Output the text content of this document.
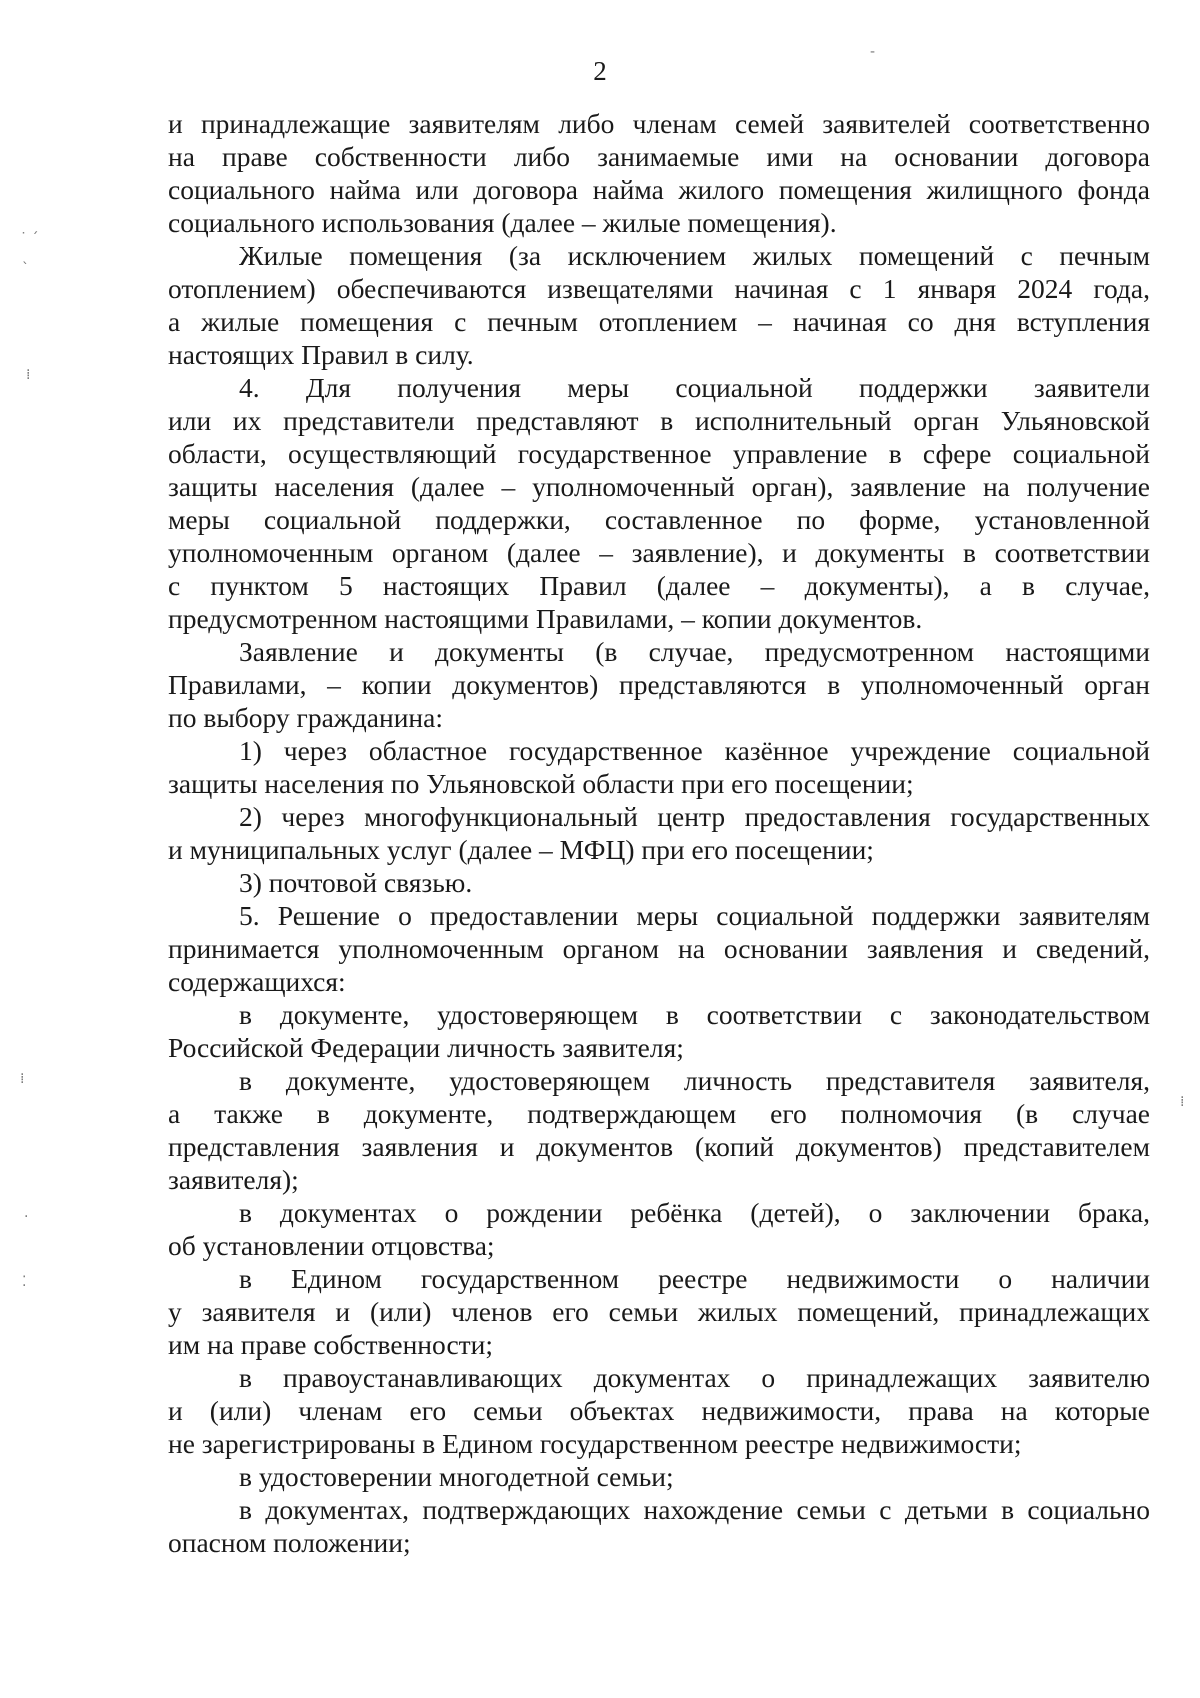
2
и принадлежащие заявителям либо членам семей заявителей соответственно
на праве собственности либо занимаемые ими на основании договора
социального найма или договора найма жилого помещения жилищного фонда
социального использования (далее – жилые помещения).
Жилые помещения (за исключением жилых помещений с печным
отоплением) обеспечиваются извещателями начиная с 1 января 2024 года,
а жилые помещения с печным отоплением – начиная со дня вступления
настоящих Правил в силу.
4. Для получения меры социальной поддержки заявители
или их представители представляют в исполнительный орган Ульяновской
области, осуществляющий государственное управление в сфере социальной
защиты населения (далее – уполномоченный орган), заявление на получение
меры социальной поддержки, составленное по форме, установленной
уполномоченным органом (далее – заявление), и документы в соответствии
с пунктом 5 настоящих Правил (далее – документы), а в случае,
предусмотренном настоящими Правилами, – копии документов.
Заявление и документы (в случае, предусмотренном настоящими
Правилами, – копии документов) представляются в уполномоченный орган
по выбору гражданина:
1) через областное государственное казённое учреждение социальной
защиты населения по Ульяновской области при его посещении;
2) через многофункциональный центр предоставления государственных
и муниципальных услуг (далее – МФЦ) при его посещении;
3) почтовой связью.
5. Решение о предоставлении меры социальной поддержки заявителям
принимается уполномоченным органом на основании заявления и сведений,
содержащихся:
в документе, удостоверяющем в соответствии с законодательством
Российской Федерации личность заявителя;
в документе, удостоверяющем личность представителя заявителя,
а также в документе, подтверждающем его полномочия (в случае
представления заявления и документов (копий документов) представителем
заявителя);
в документах о рождении ребёнка (детей), о заключении брака,
об установлении отцовства;
в Едином государственном реестре недвижимости о наличии
у заявителя и (или) членов его семьи жилых помещений, принадлежащих
им на праве собственности;
в правоустанавливающих документах о принадлежащих заявителю
и (или) членам его семьи объектах недвижимости, права на которые
не зарегистрированы в Едином государственном реестре недвижимости;
в удостоверении многодетной семьи;
в документах, подтверждающих нахождение семьи с детьми в социально
опасном положении;
˙ ˊ
ˋ
⁞
⁞
·
⁚
⁞
-
